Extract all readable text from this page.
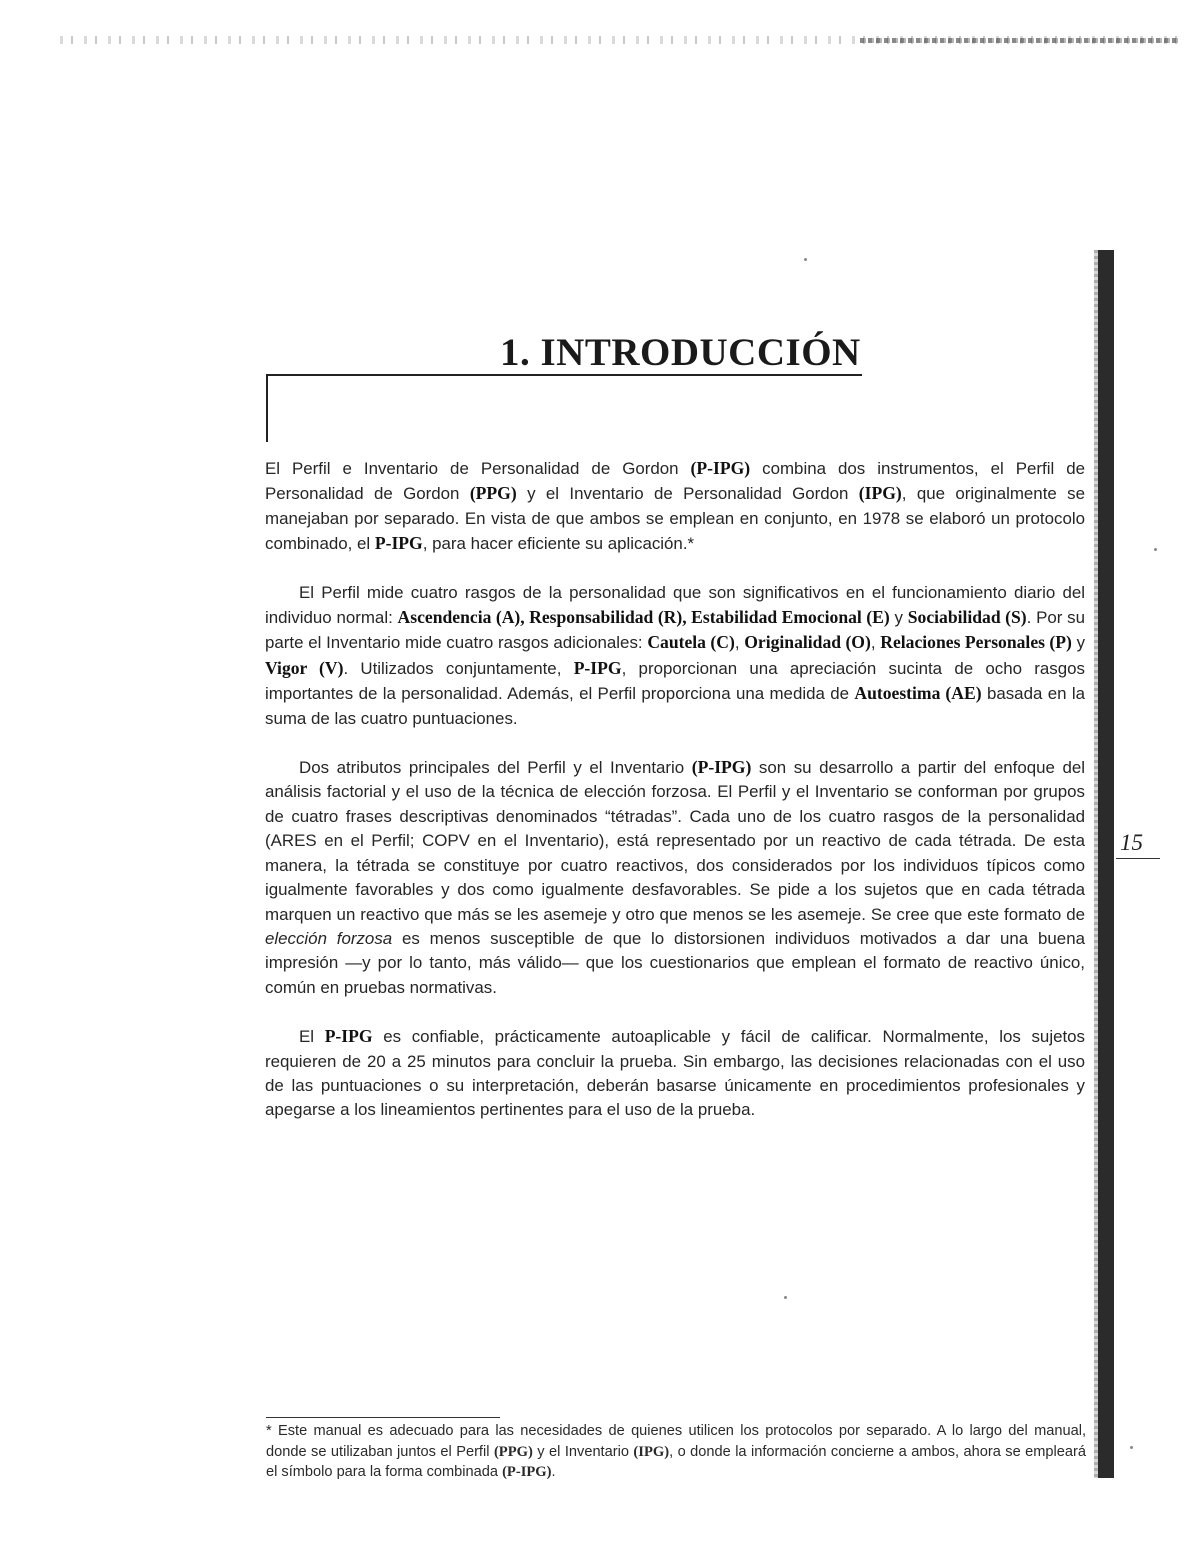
1. INTRODUCCIÓN

El Perfil e Inventario de Personalidad de Gordon (P-IPG) combina dos instrumentos, el Perfil de Personalidad de Gordon (PPG) y el Inventario de Personalidad Gordon (IPG), que originalmente se manejaban por separado. En vista de que ambos se emplean en conjunto, en 1978 se elaboró un protocolo combinado, el P-IPG, para hacer eficiente su aplicación.*

El Perfil mide cuatro rasgos de la personalidad que son significativos en el funcionamiento diario del individuo normal: Ascendencia (A), Responsabilidad (R), Estabilidad Emocional (E) y Sociabilidad (S). Por su parte el Inventario mide cuatro rasgos adicionales: Cautela (C), Originalidad (O), Relaciones Personales (P) y Vigor (V). Utilizados conjuntamente, P-IPG, proporcionan una apreciación sucinta de ocho rasgos importantes de la personalidad. Además, el Perfil proporciona una medida de Autoestima (AE) basada en la suma de las cuatro puntuaciones.

Dos atributos principales del Perfil y el Inventario (P-IPG) son su desarrollo a partir del enfoque del análisis factorial y el uso de la técnica de elección forzosa. El Perfil y el Inventario se conforman por grupos de cuatro frases descriptivas denominados “tétradas”. Cada uno de los cuatro rasgos de la personalidad (ARES en el Perfil; COPV en el Inventario), está representado por un reactivo de cada tétrada. De esta manera, la tétrada se constituye por cuatro reactivos, dos considerados por los individuos típicos como igualmente favorables y dos como igualmente desfavorables. Se pide a los sujetos que en cada tétrada marquen un reactivo que más se les asemeje y otro que menos se les asemeje. Se cree que este formato de elección forzosa es menos susceptible de que lo distorsionen individuos motivados a dar una buena impresión —y por lo tanto, más válido— que los cuestionarios que emplean el formato de reactivo único, común en pruebas normativas.

El P-IPG es confiable, prácticamente autoaplicable y fácil de calificar. Normalmente, los sujetos requieren de 20 a 25 minutos para concluir la prueba. Sin embargo, las decisiones relacionadas con el uso de las puntuaciones o su interpretación, deberán basarse únicamente en procedimientos profesionales y apegarse a los lineamientos pertinentes para el uso de la prueba.

15

* Este manual es adecuado para las necesidades de quienes utilicen los protocolos por separado. A lo largo del manual, donde se utilizaban juntos el Perfil (PPG) y el Inventario (IPG), o donde la información concierne a ambos, ahora se empleará el símbolo para la forma combinada (P-IPG).
